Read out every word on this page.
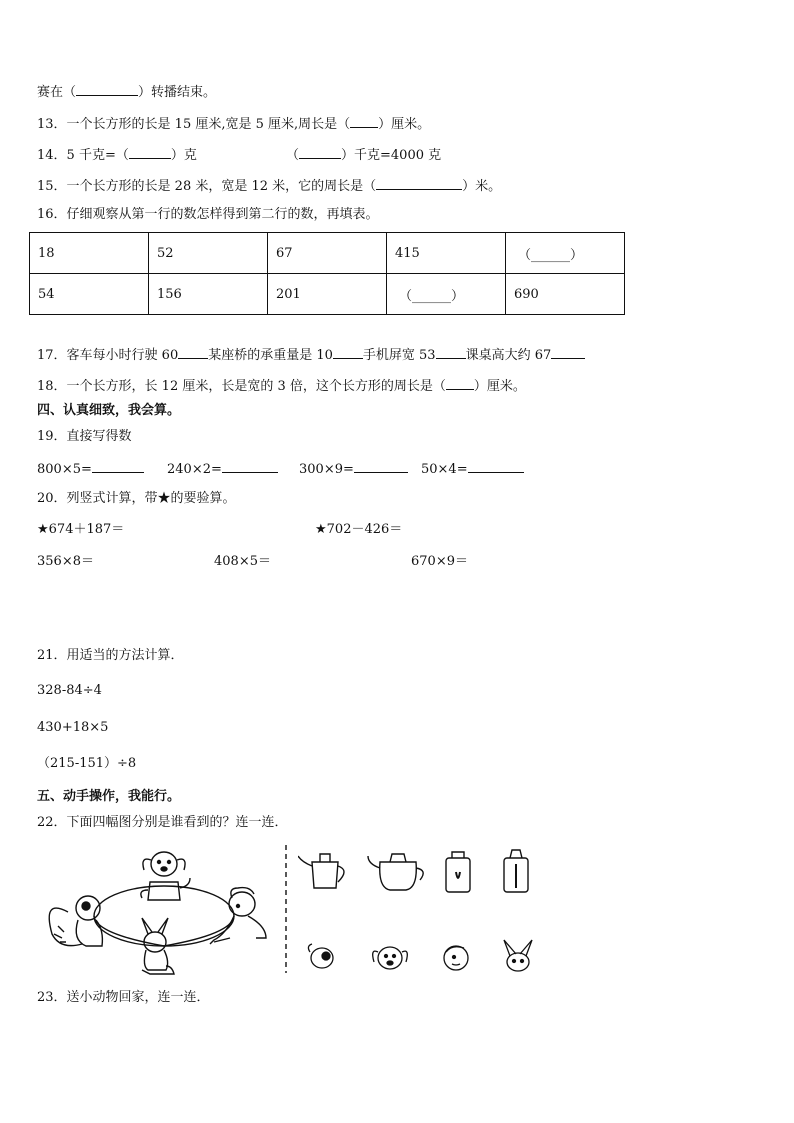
赛在（	）转播结束。
13．一个长方形的长是 15 厘米,宽是 5 厘米,周长是（ ）厘米。
14．5 千克=（	）克	（	）千克=4000 克
15．一个长方形的长是 28 米，宽是 12 米，它的周长是（	）米。
16．仔细观察从第一行的数怎样得到第二行的数，再填表。
18	52	67	415	（______）
54	156	201	（______）	690
17．客车每小时行驶 60 某座桥的承重量是 10 手机屏宽 53 课桌高大约 67
18．一个长方形，长 12 厘米，长是宽的 3 倍，这个长方形的周长是（ ）厘米。
四、认真细致，我会算。
19．直接写得数
800×5=	240×2=	300×9=	50×4=
20．列竖式计算，带★的要验算。
★674＋187＝	★702－426＝
356×8＝	408×5＝	670×9＝
21．用适当的方法计算．
328-84÷4
430+18×5
（215-151）÷8
五、动手操作，我能行。
22．下面四幅图分别是谁看到的？连一连．
23．送小动物回家，连一连．
